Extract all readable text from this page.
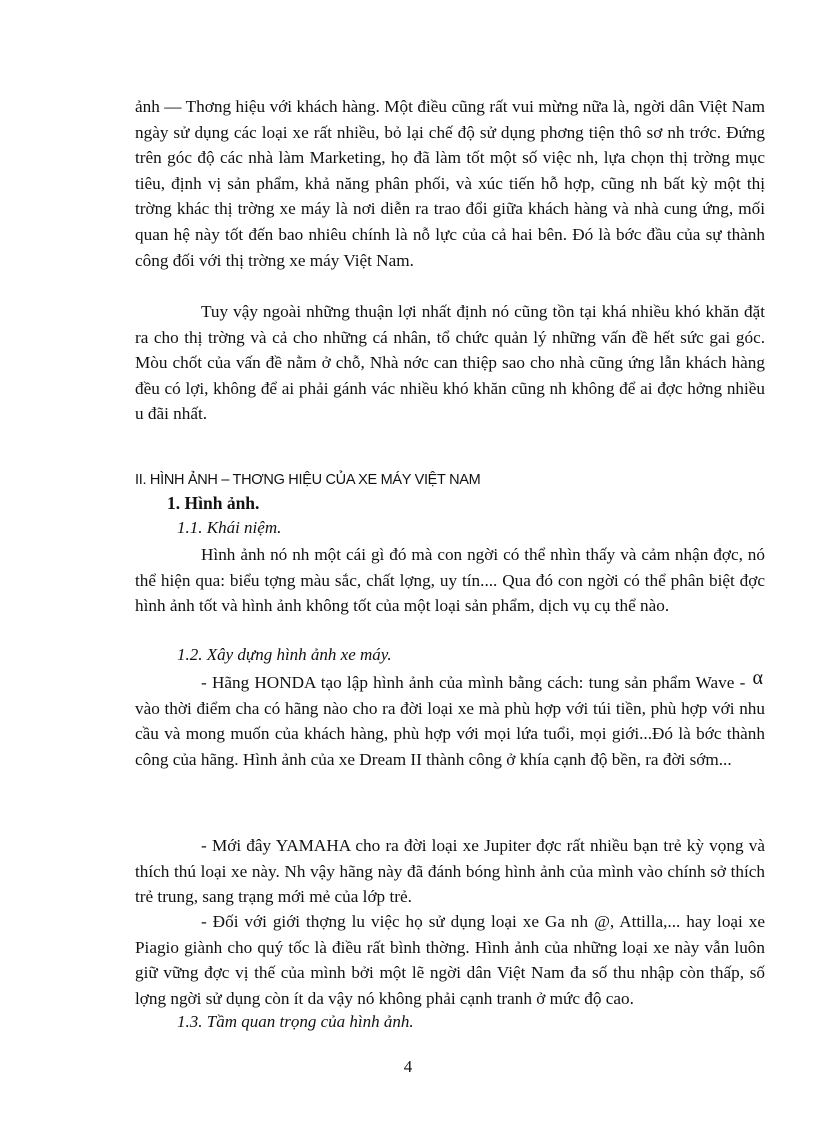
ảnh — Thơng hiệu với khách hàng. Một điều cũng rất vui mừng nữa là, ngời dân Việt Nam ngày sử dụng các loại xe rất nhiều, bỏ lại chế độ sử dụng phơng tiện thô sơ nh trớc. Đứng trên góc độ các nhà làm Marketing, họ đã làm tốt một số việc nh, lựa chọn thị trờng mục tiêu, định vị sản phẩm, khả năng phân phối, và xúc tiến hỗ hợp, cũng nh bất kỳ một thị trờng khác thị trờng xe máy là nơi diễn ra trao đổi giữa khách hàng và nhà cung ứng, mối quan hệ này tốt đến bao nhiêu chính là nỗ lực của cả hai bên. Đó là bớc đầu của sự thành công đối với thị trờng xe máy Việt Nam.

Tuy vậy ngoài những thuận lợi nhất định nó cũng tồn tại khá nhiều khó khăn đặt ra cho thị trờng và cả cho những cá nhân, tổ chức quản lý những vấn đề hết sức gai góc. Mòu chốt của vấn đề nằm ở chỗ, Nhà nớc can thiệp sao cho nhà cũng ứng lẫn khách hàng đều có lợi, không để ai phải gánh vác nhiều khó khăn cũng nh không để ai đợc hởng nhiều u đãi nhất.

II. HÌNH ẢNH – THƠNG HIỆU CỦA XE MÁY VIỆT NAM

1. Hình ảnh.

1.1. Khái niệm.

Hình ảnh nó nh một cái gì đó mà con ngời có thể nhìn thấy và cảm nhận đợc, nó thể hiện qua: biểu tợng màu sắc, chất lợng, uy tín.... Qua đó con ngời có thể phân biệt đợc hình ảnh tốt và hình ảnh không tốt của một loại sản phẩm, dịch vụ cụ thể nào.

1.2. Xây dựng hình ảnh xe máy.

- Hãng HONDA tạo lập hình ảnh của mình bằng cách: tung sản phẩm Wave - α vào thời điểm cha có hãng nào cho ra đời loại xe mà phù hợp với túi tiền, phù hợp với nhu cầu và mong muốn của khách hàng, phù hợp với mọi lứa tuổi, mọi giới...Đó là bớc thành công của hãng. Hình ảnh của xe Dream II thành công ở khía cạnh độ bền, ra đời sớm...

- Mới đây YAMAHA cho ra đời loại xe Jupiter đợc rất nhiều bạn trẻ kỳ vọng và thích thú loại xe này. Nh vậy hãng này đã đánh bóng hình ảnh của mình vào chính sở thích trẻ trung, sang trạng mới mẻ của lớp trẻ.

- Đối với giới thợng lu việc họ sử dụng loại xe Ga nh @, Attilla,... hay loại xe Piagio giành cho quý tốc là điều rất bình thờng. Hình ảnh của những loại xe này vẫn luôn giữ vững đợc vị thế của mình bởi một lẽ ngời dân Việt Nam đa số thu nhập còn thấp, số lợng ngời sử dụng còn ít da vậy nó không phải cạnh tranh ở mức độ cao.

1.3. Tầm quan trọng của hình ảnh.

4
